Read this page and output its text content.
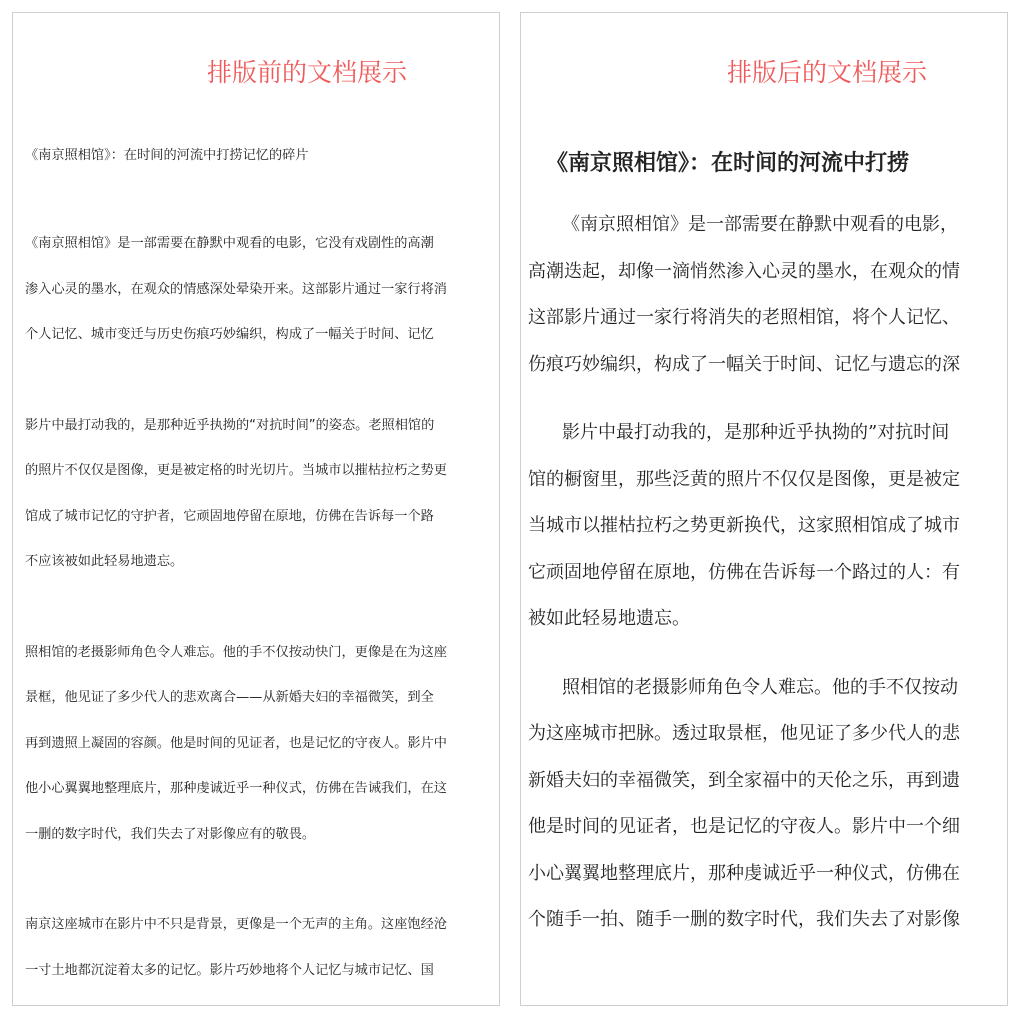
排版前的文档展示
《南京照相馆》：在时间的河流中打捞记忆的碎片
《南京照相馆》是一部需要在静默中观看的电影，它没有戏剧性的高潮
渗入心灵的墨水，在观众的情感深处晕染开来。这部影片通过一家行将消
个人记忆、城市变迁与历史伤痕巧妙编织，构成了一幅关于时间、记忆
影片中最打动我的，是那种近乎执拗的“对抗时间”的姿态。老照相馆的
的照片不仅仅是图像，更是被定格的时光切片。当城市以摧枯拉朽之势更
馆成了城市记忆的守护者，它顽固地停留在原地，仿佛在告诉每一个路
不应该被如此轻易地遗忘。
照相馆的老摄影师角色令人难忘。他的手不仅按动快门，更像是在为这座
景框，他见证了多少代人的悲欢离合——从新婚夫妇的幸福微笑，到全
再到遗照上凝固的容颜。他是时间的见证者，也是记忆的守夜人。影片中
他小心翼翼地整理底片，那种虔诚近乎一种仪式，仿佛在告诫我们，在这
一删的数字时代，我们失去了对影像应有的敬畏。
南京这座城市在影片中不只是背景，更像是一个无声的主角。这座饱经沧
一寸土地都沉淀着太多的记忆。影片巧妙地将个人记忆与城市记忆、国
排版后的文档展示
《南京照相馆》：在时间的河流中打捞
《南京照相馆》是一部需要在静默中观看的电影，
高潮迭起，却像一滴悄然渗入心灵的墨水，在观众的情
这部影片通过一家行将消失的老照相馆，将个人记忆、
伤痕巧妙编织，构成了一幅关于时间、记忆与遗忘的深
影片中最打动我的，是那种近乎执拗的”对抗时间
馆的橱窗里，那些泛黄的照片不仅仅是图像，更是被定
当城市以摧枯拉朽之势更新换代，这家照相馆成了城市
它顽固地停留在原地，仿佛在告诉每一个路过的人：有
被如此轻易地遗忘。
照相馆的老摄影师角色令人难忘。他的手不仅按动
为这座城市把脉。透过取景框，他见证了多少代人的悲
新婚夫妇的幸福微笑，到全家福中的天伦之乐，再到遗
他是时间的见证者，也是记忆的守夜人。影片中一个细
小心翼翼地整理底片，那种虔诚近乎一种仪式，仿佛在
个随手一拍、随手一删的数字时代，我们失去了对影像
